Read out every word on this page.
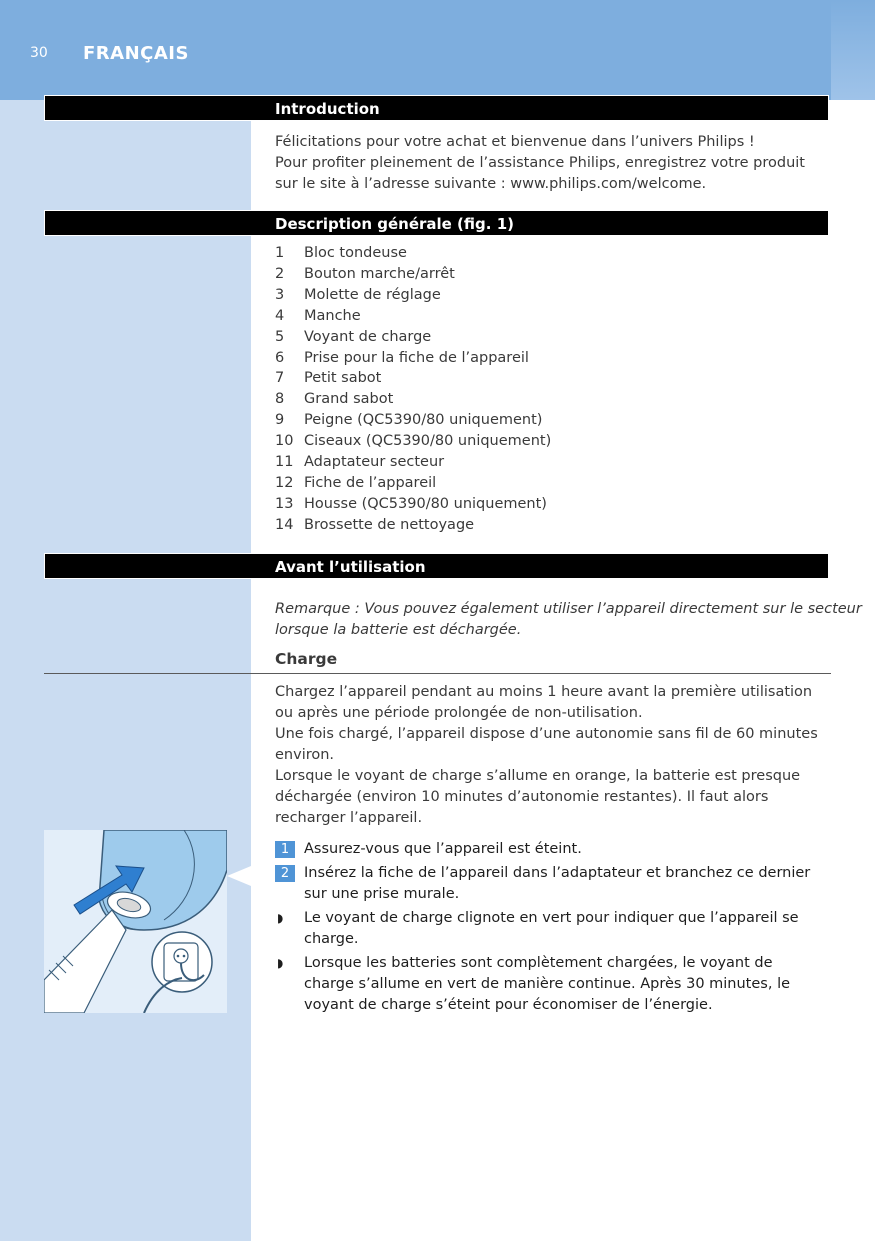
30 FRANÇAIS
Introduction
Félicitations pour votre achat et bienvenue dans l’univers Philips !
Pour profiter pleinement de l’assistance Philips, enregistrez votre produit
sur le site à l’adresse suivante : www.philips.com/welcome.
Description générale (fig. 1)
1 Bloc tondeuse
2 Bouton marche/arrêt
3 Molette de réglage
4 Manche
5 Voyant de charge
6 Prise pour la fiche de l’appareil
7 Petit sabot
8 Grand sabot
9 Peigne (QC5390/80 uniquement)
10 Ciseaux (QC5390/80 uniquement)
11 Adaptateur secteur
12 Fiche de l’appareil
13 Housse (QC5390/80 uniquement)
14 Brossette de nettoyage
Avant l’utilisation
Remarque : Vous pouvez également utiliser l’appareil directement sur le secteur
lorsque la batterie est déchargée.
Charge
Chargez l’appareil pendant au moins 1 heure avant la première utilisation
ou après une période prolongée de non-utilisation.
Une fois chargé, l’appareil dispose d’une autonomie sans fil de 60 minutes
environ.
Lorsque le voyant de charge s’allume en orange, la batterie est presque
déchargée (environ 10 minutes d’autonomie restantes). Il faut alors
recharger l’appareil.
1	Assurez-vous que l’appareil est éteint.
2	Insérez la fiche de l’appareil dans l’adaptateur et branchez ce dernier
sur une prise murale.
◗ Le voyant de charge clignote en vert pour indiquer que l’appareil se
charge.
◗ Lorsque les batteries sont complètement chargées, le voyant de
charge s’allume en vert de manière continue. Après 30 minutes, le
voyant de charge s’éteint pour économiser de l’énergie.
